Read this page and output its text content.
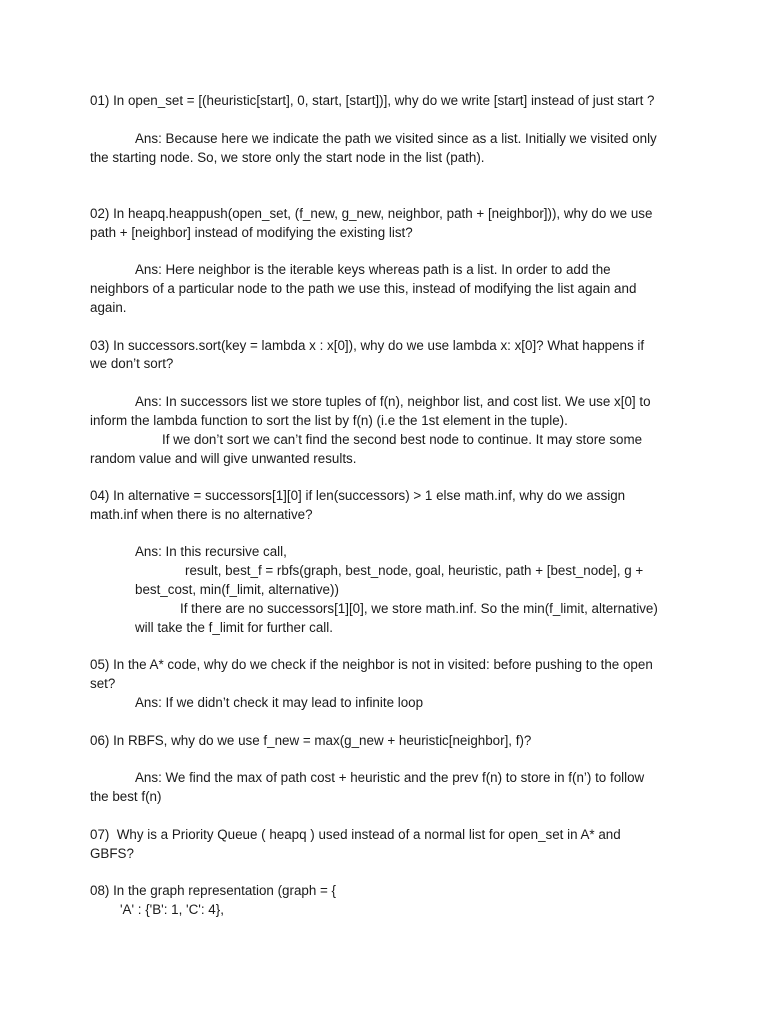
01) In open_set = [(heuristic[start], 0, start, [start])], why do we write [start] instead of just start ?

Ans: Because here we indicate the path we visited since as a list. Initially we visited only

the starting node. So, we store only the start node in the list (path).

02) In heapq.heappush(open_set, (f_new, g_new, neighbor, path + [neighbor])), why do we use

path + [neighbor] instead of modifying the existing list?

Ans: Here neighbor is the iterable keys whereas path is a list. In order to add the

neighbors of a particular node to the path we use this, instead of modifying the list again and

again.

03) In successors.sort(key = lambda x : x[0]), why do we use lambda x: x[0]? What happens if

we don’t sort?

Ans: In successors list we store tuples of f(n), neighbor list, and cost list. We use x[0] to

inform the lambda function to sort the list by f(n) (i.e the 1st element in the tuple).

If we don’t sort we can’t find the second best node to continue. It may store some

random value and will give unwanted results.

04) In alternative = successors[1][0] if len(successors) > 1 else math.inf, why do we assign

math.inf when there is no alternative?

Ans: In this recursive call,

result, best_f = rbfs(graph, best_node, goal, heuristic, path + [best_node], g +

best_cost, min(f_limit, alternative))

If there are no successors[1][0], we store math.inf. So the min(f_limit, alternative)

will take the f_limit for further call.

05) In the A* code, why do we check if the neighbor is not in visited: before pushing to the open

set?

Ans: If we didn’t check it may lead to infinite loop

06) In RBFS, why do we use f_new = max(g_new + heuristic[neighbor], f)?

Ans: We find the max of path cost + heuristic and the prev f(n) to store in f(n’) to follow

the best f(n)

07)  Why is a Priority Queue ( heapq ) used instead of a normal list for open_set in A* and

GBFS?

08) In the graph representation (graph = {

'A' : {'B': 1, 'C': 4},
